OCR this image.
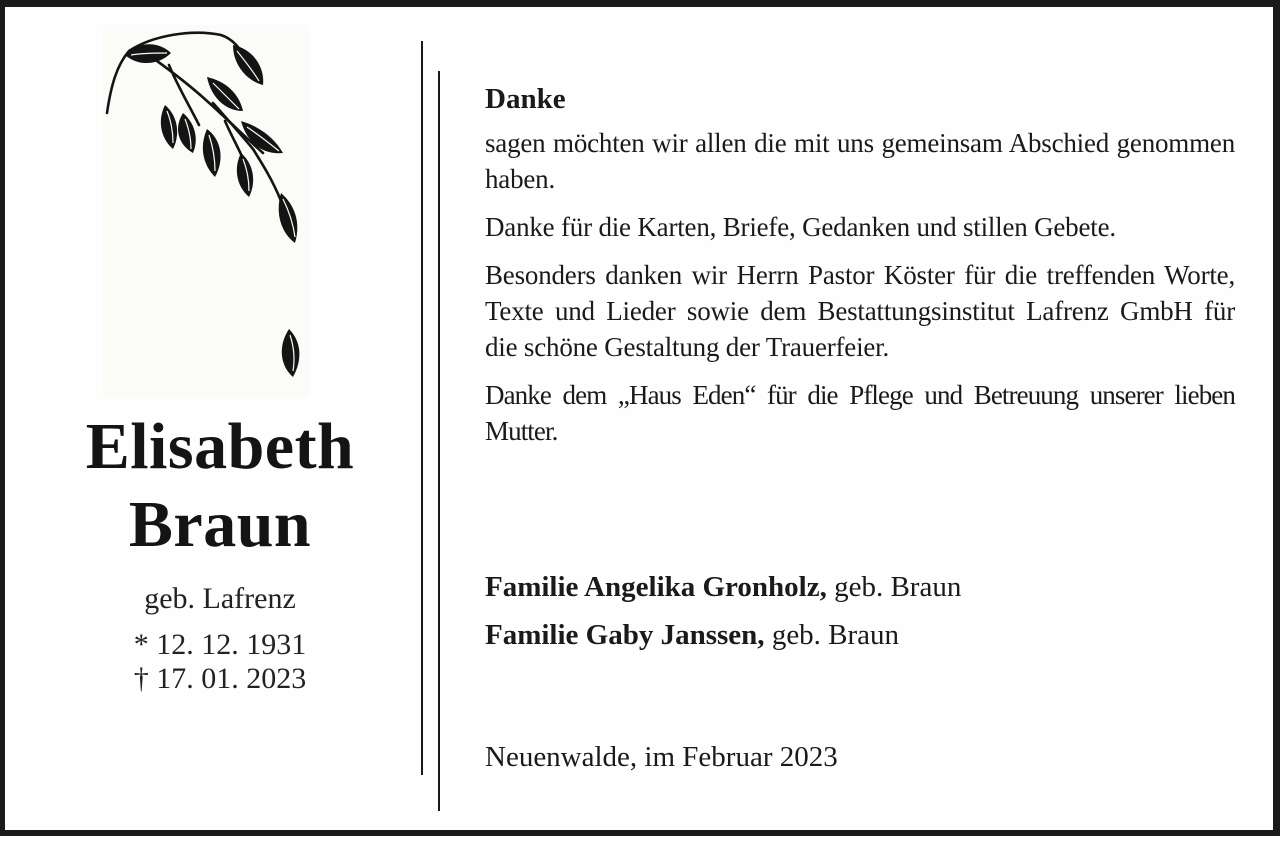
Elisabeth
Braun
geb. Lafrenz
* 12. 12. 1931
† 17. 01. 2023
Danke
sagen möchten wir allen die mit uns gemeinsam Abschied genommen haben.
Danke für die Karten, Briefe, Gedanken und stillen Gebete.
Besonders danken wir Herrn Pastor Köster für die treffenden Worte, Texte und Lieder sowie dem Bestattungsinstitut Lafrenz GmbH für die schöne Gestaltung der Trauerfeier.
Danke dem „Haus Eden“ für die Pflege und Betreuung unserer lieben Mutter.
Familie Angelika Gronholz, geb. Braun
Familie Gaby Janssen, geb. Braun
Neuenwalde, im Februar 2023
